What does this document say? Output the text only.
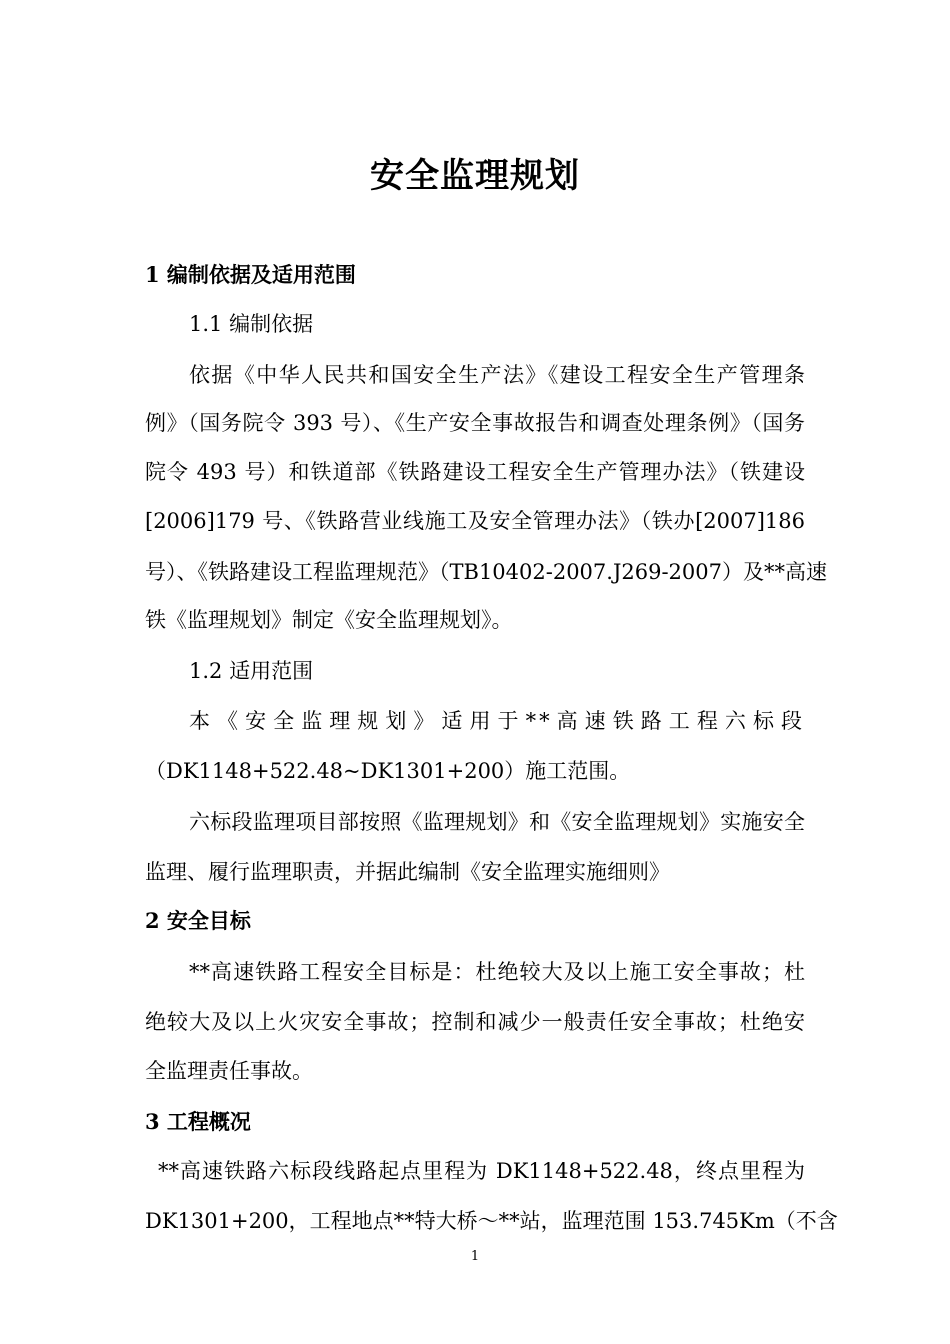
安全监理规划
1 编制依据及适用范围
1.1 编制依据
依据《中华人民共和国安全生产法》《建设工程安全生产管理条
例》（国务院令 393 号）、《生产安全事故报告和调查处理条例》（国务
院令 493 号）和铁道部《铁路建设工程安全生产管理办法》（铁建设
[2006]179 号、《铁路营业线施工及安全管理办法》（铁办[2007]186
号）、《铁路建设工程监理规范》（TB10402-2007.J269-2007）及**高速
铁《监理规划》制定《安全监理规划》。
1.2 适用范围
本《安全监理规划》适用于**高速铁路工程六标段
（DK1148+522.48~DK1301+200）施工范围。
六标段监理项目部按照《监理规划》和《安全监理规划》实施安全
监理、履行监理职责，并据此编制《安全监理实施细则》
2 安全目标
**高速铁路工程安全目标是：杜绝较大及以上施工安全事故；杜
绝较大及以上火灾安全事故；控制和减少一般责任安全事故；杜绝安
全监理责任事故。
3 工程概况
**高速铁路六标段线路起点里程为 DK1148+522.48，终点里程为
DK1301+200，工程地点**特大桥～**站，监理范围 153.745Km（不含
1
